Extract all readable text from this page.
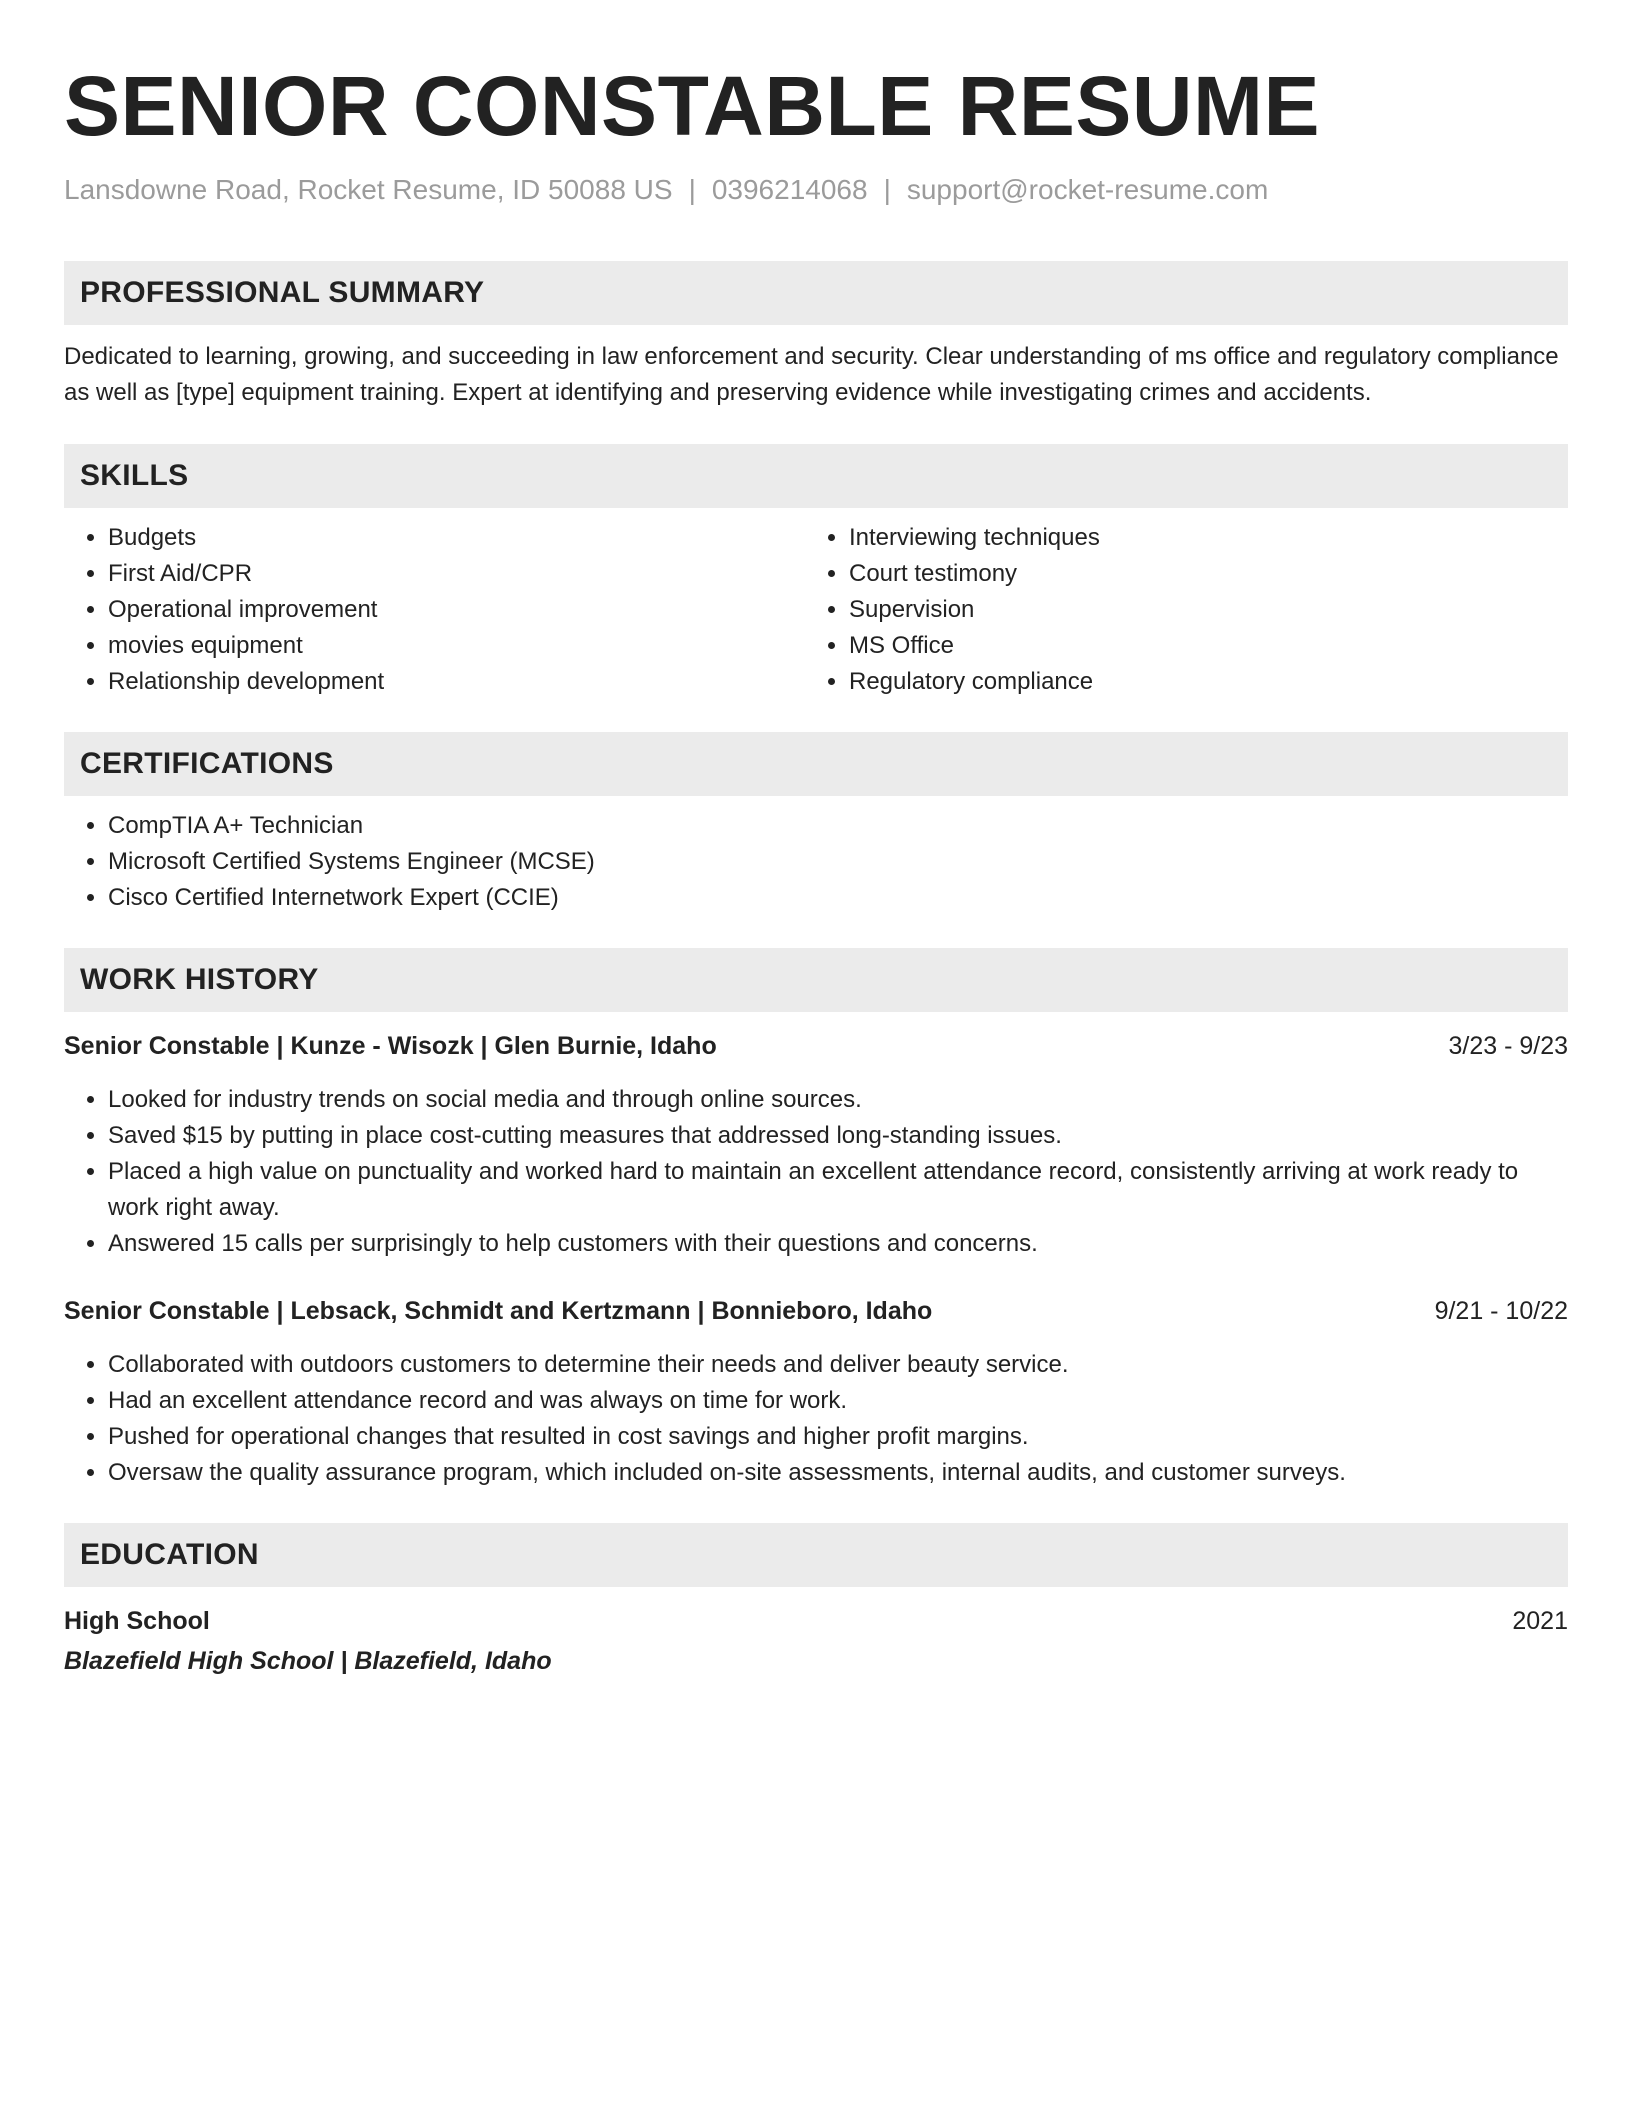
SENIOR CONSTABLE RESUME
Lansdowne Road, Rocket Resume, ID 50088 US | 0396214068 | support@rocket-resume.com
PROFESSIONAL SUMMARY

Dedicated to learning, growing, and succeeding in law enforcement and security. Clear understanding of ms office and regulatory compliance as well as [type] equipment training. Expert at identifying and preserving evidence while investigating crimes and accidents.

SKILLS
• Budgets
• First Aid/CPR
• Operational improvement
• movies equipment
• Relationship development
• Interviewing techniques
• Court testimony
• Supervision
• MS Office
• Regulatory compliance
CERTIFICATIONS
• CompTIA A+ Technician
• Microsoft Certified Systems Engineer (MCSE)
• Cisco Certified Internetwork Expert (CCIE)
WORK HISTORY
Senior Constable | Kunze - Wisozk | Glen Burnie, Idaho	3/23 - 9/23
• Looked for industry trends on social media and through online sources.
• Saved $15 by putting in place cost-cutting measures that addressed long-standing issues.
• Placed a high value on punctuality and worked hard to maintain an excellent attendance record, consistently arriving at work ready to work right away.
• Answered 15 calls per surprisingly to help customers with their questions and concerns.
Senior Constable | Lebsack, Schmidt and Kertzmann | Bonnieboro, Idaho	9/21 - 10/22
• Collaborated with outdoors customers to determine their needs and deliver beauty service.
• Had an excellent attendance record and was always on time for work.
• Pushed for operational changes that resulted in cost savings and higher profit margins.
• Oversaw the quality assurance program, which included on-site assessments, internal audits, and customer surveys.
EDUCATION
High School	2021
Blazefield High School | Blazefield, Idaho
